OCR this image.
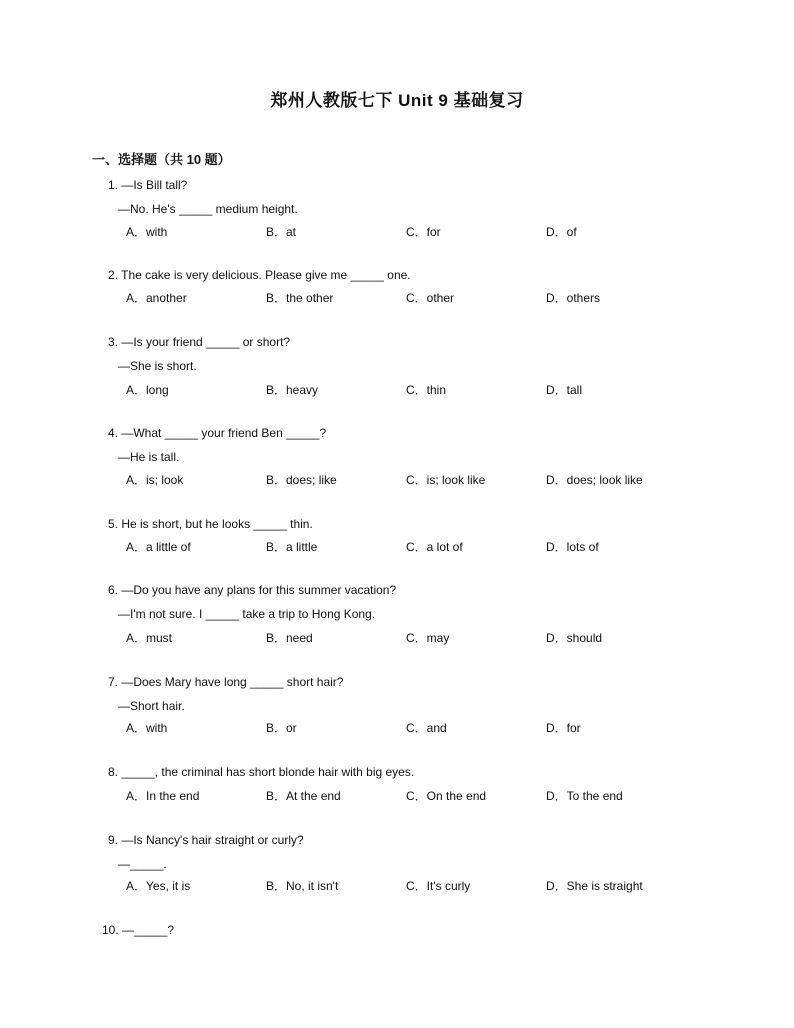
郑州人教版七下 Unit 9 基础复习
一、选择题（共 10 题）
1. —Is Bill tall?
—No. He's _____ medium height.
A．with	B．at	C．for	D．of
2. The cake is very delicious. Please give me _____ one.
A．another	B．the other	C．other	D．others
3. —Is your friend _____ or short?
—She is short.
A．long	B．heavy	C．thin	D．tall
4. —What _____ your friend Ben _____?
—He is tall.
A．is; look	B．does; like	C．is; look like	D．does; look like
5. He is short, but he looks _____ thin.
A．a little of	B．a little	C．a lot of	D．lots of
6. —Do you have any plans for this summer vacation?
—I'm not sure. I _____ take a trip to Hong Kong.
A．must	B．need	C．may	D．should
7. —Does Mary have long _____ short hair?
—Short hair.
A．with	B．or	C．and	D．for
8. _____, the criminal has short blonde hair with big eyes.
A．In the end	B．At the end	C．On the end	D．To the end
9. —Is Nancy's hair straight or curly?
—_____.
A．Yes, it is	B．No, it isn't	C．It's curly	D．She is straight
10. —_____?
